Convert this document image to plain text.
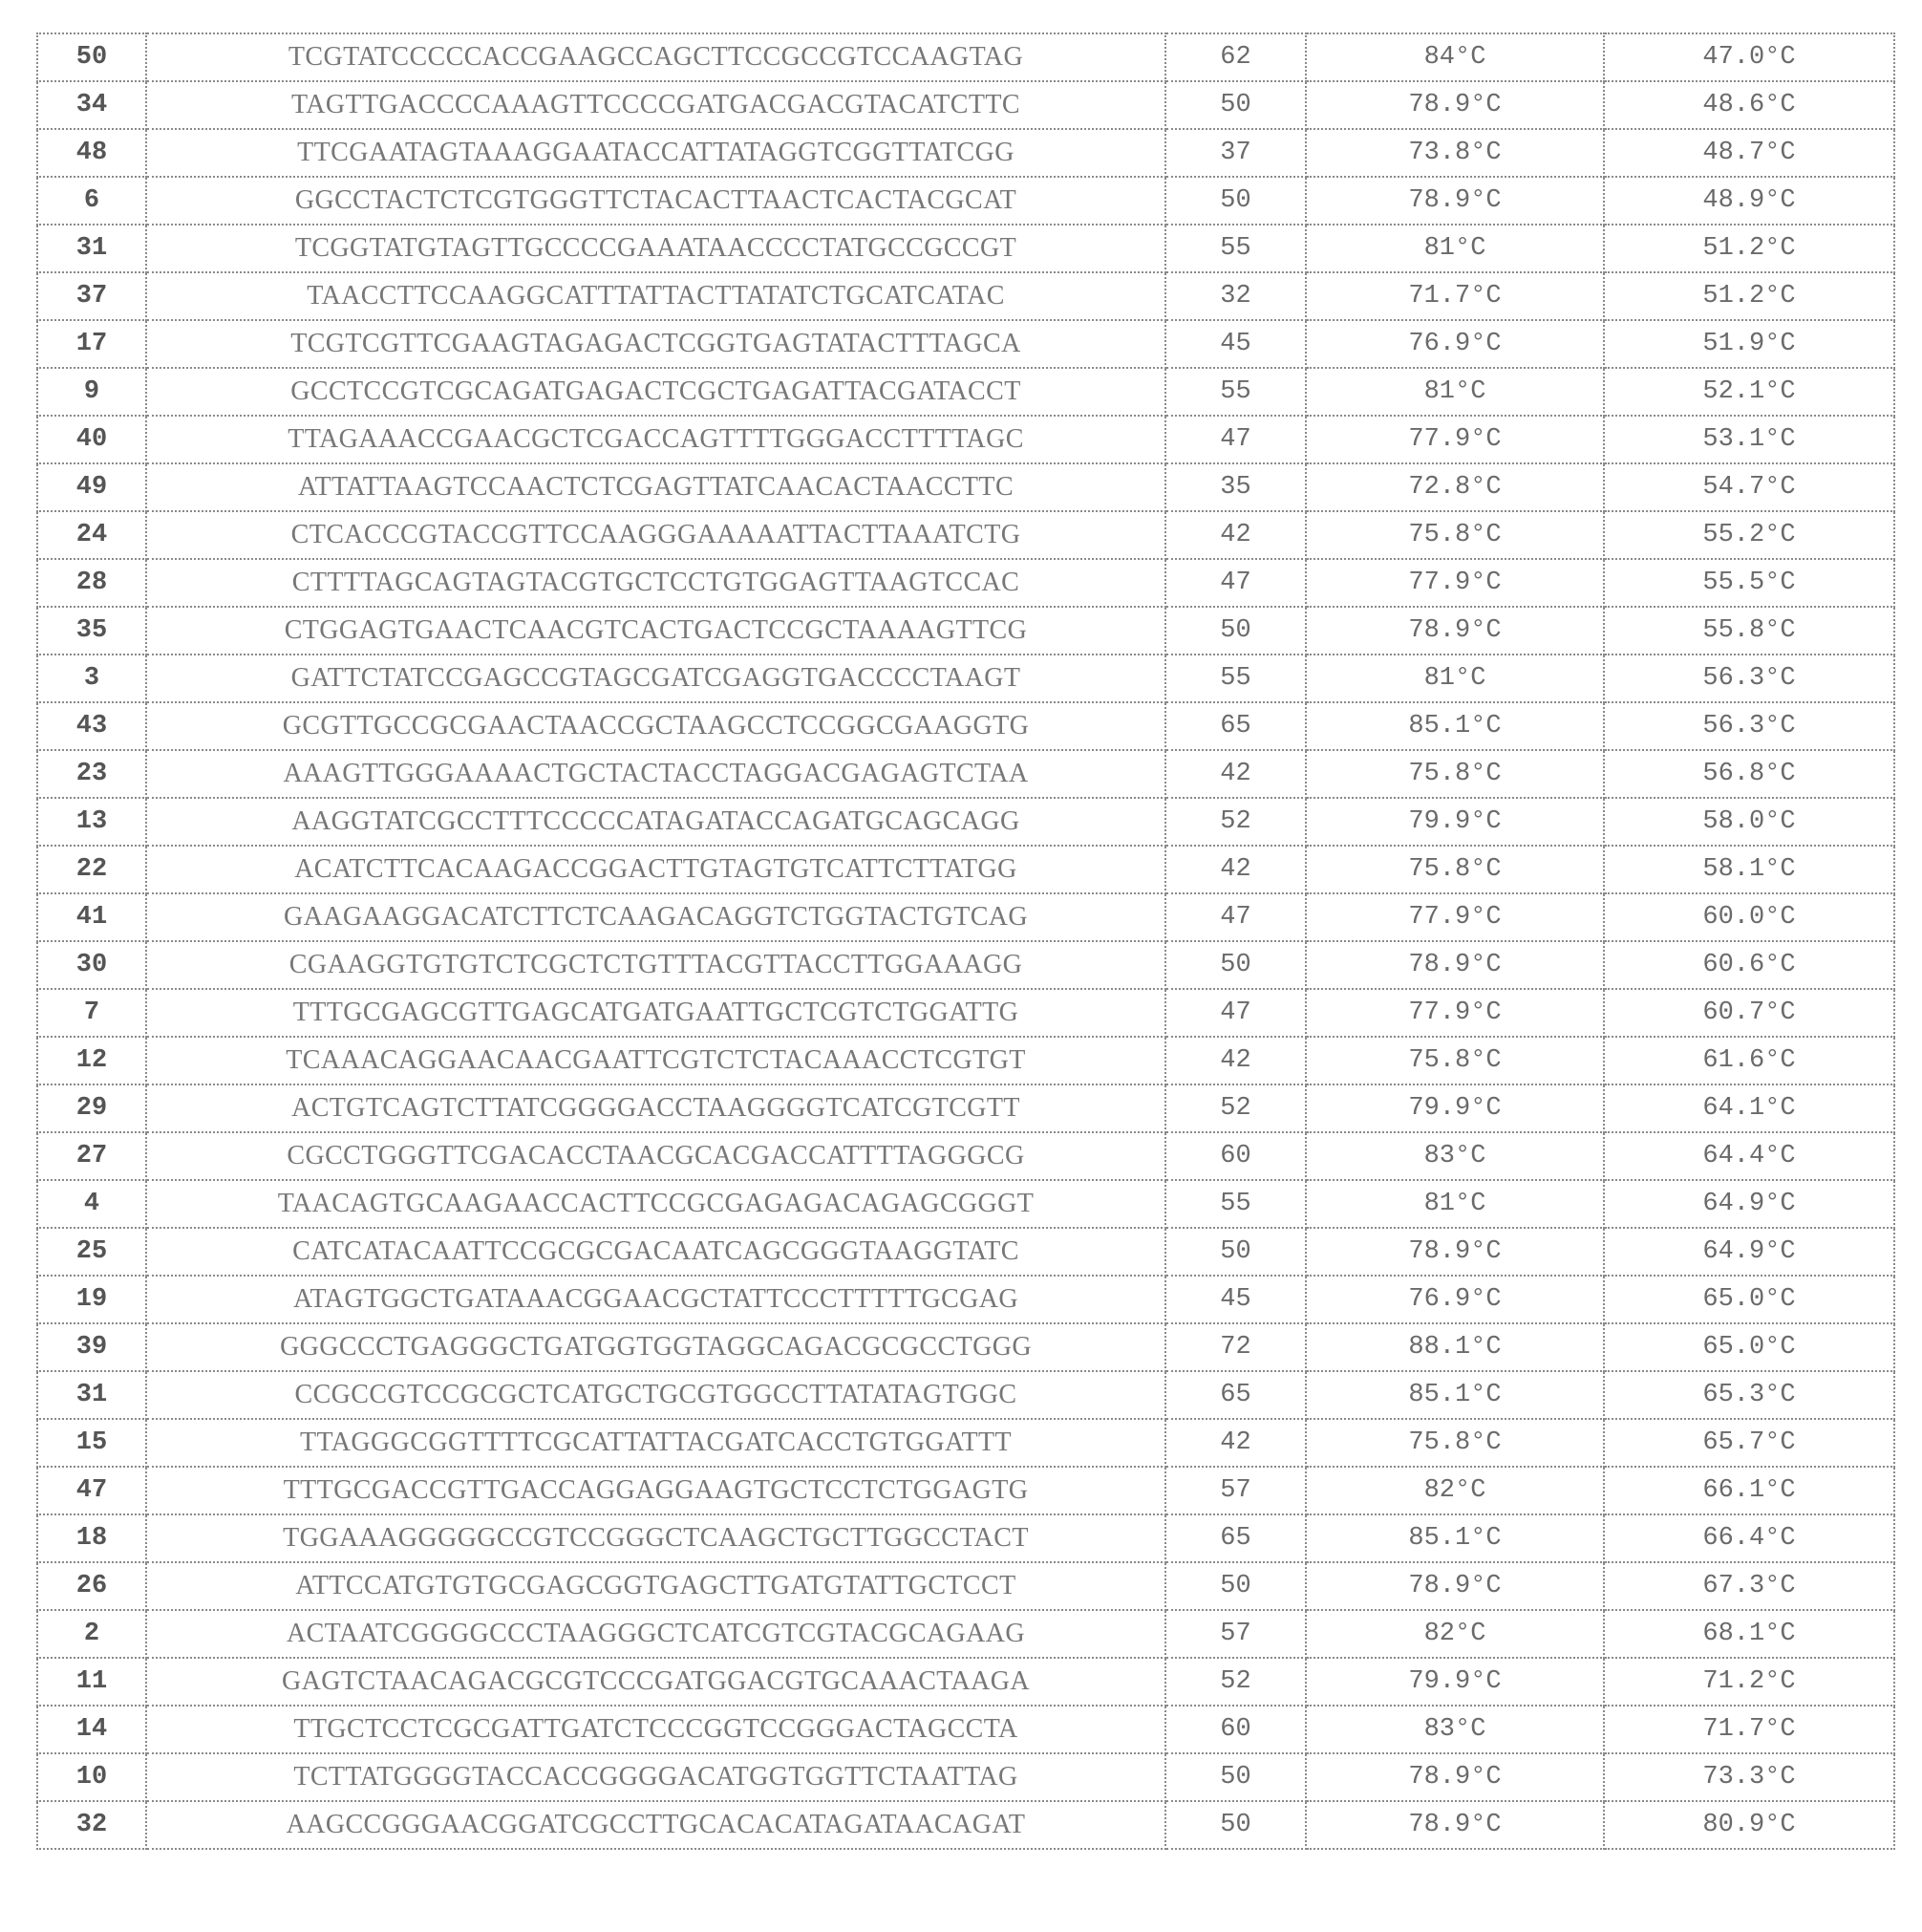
50	TCGTATCCCCCACCGAAGCCAGCTTCCGCCGTCCAAGTAG	62	84°C	47.0°C
34	TAGTTGACCCCAAAGTTCCCCGATGACGACGTACATCTTC	50	78.9°C	48.6°C
48	TTCGAATAGTAAAGGAATACCATTATAGGTCGGTTATCGG	37	73.8°C	48.7°C
6	GGCCTACTCTCGTGGGTTCTACACTTAACTCACTACGCAT	50	78.9°C	48.9°C
31	TCGGTATGTAGTTGCCCCGAAATAACCCCTATGCCGCCGT	55	81°C	51.2°C
37	TAACCTTCCAAGGCATTTATTACTTATATCTGCATCATAC	32	71.7°C	51.2°C
17	TCGTCGTTCGAAGTAGAGACTCGGTGAGTATACTTTAGCA	45	76.9°C	51.9°C
9	GCCTCCGTCGCAGATGAGACTCGCTGAGATTACGATACCT	55	81°C	52.1°C
40	TTAGAAACCGAACGCTCGACCAGTTTTGGGACCTTTTAGC	47	77.9°C	53.1°C
49	ATTATTAAGTCCAACTCTCGAGTTATCAACACTAACCTTC	35	72.8°C	54.7°C
24	CTCACCCGTACCGTTCCAAGGGAAAAATTACTTAAATCTG	42	75.8°C	55.2°C
28	CTTTTAGCAGTAGTACGTGCTCCTGTGGAGTTAAGTCCAC	47	77.9°C	55.5°C
35	CTGGAGTGAACTCAACGTCACTGACTCCGCTAAAAGTTCG	50	78.9°C	55.8°C
3	GATTCTATCCGAGCCGTAGCGATCGAGGTGACCCCTAAGT	55	81°C	56.3°C
43	GCGTTGCCGCGAACTAACCGCTAAGCCTCCGGCGAAGGTG	65	85.1°C	56.3°C
23	AAAGTTGGGAAAACTGCTACTACCTAGGACGAGAGTCTAA	42	75.8°C	56.8°C
13	AAGGTATCGCCTTTCCCCCATAGATACCAGATGCAGCAGG	52	79.9°C	58.0°C
22	ACATCTTCACAAGACCGGACTTGTAGTGTCATTCTTATGG	42	75.8°C	58.1°C
41	GAAGAAGGACATCTTCTCAAGACAGGTCTGGTACTGTCAG	47	77.9°C	60.0°C
30	CGAAGGTGTGTCTCGCTCTGTTTACGTTACCTTGGAAAGG	50	78.9°C	60.6°C
7	TTTGCGAGCGTTGAGCATGATGAATTGCTCGTCTGGATTG	47	77.9°C	60.7°C
12	TCAAACAGGAACAACGAATTCGTCTCTACAAACCTCGTGT	42	75.8°C	61.6°C
29	ACTGTCAGTCTTATCGGGGACCTAAGGGGTCATCGTCGTT	52	79.9°C	64.1°C
27	CGCCTGGGTTCGACACCTAACGCACGACCATTTTAGGGCG	60	83°C	64.4°C
4	TAACAGTGCAAGAACCACTTCCGCGAGAGACAGAGCGGGT	55	81°C	64.9°C
25	CATCATACAATTCCGCGCGACAATCAGCGGGTAAGGTATC	50	78.9°C	64.9°C
19	ATAGTGGCTGATAAACGGAACGCTATTCCCTTTTTGCGAG	45	76.9°C	65.0°C
39	GGGCCCTGAGGGCTGATGGTGGTAGGCAGACGCGCCTGGG	72	88.1°C	65.0°C
31	CCGCCGTCCGCGCTCATGCTGCGTGGCCTTATATAGTGGC	65	85.1°C	65.3°C
15	TTAGGGCGGTTTTCGCATTATTACGATCACCTGTGGATTT	42	75.8°C	65.7°C
47	TTTGCGACCGTTGACCAGGAGGAAGTGCTCCTCTGGAGTG	57	82°C	66.1°C
18	TGGAAAGGGGGCCGTCCGGGCTCAAGCTGCTTGGCCTACT	65	85.1°C	66.4°C
26	ATTCCATGTGTGCGAGCGGTGAGCTTGATGTATTGCTCCT	50	78.9°C	67.3°C
2	ACTAATCGGGGCCCTAAGGGCTCATCGTCGTACGCAGAAG	57	82°C	68.1°C
11	GAGTCTAACAGACGCGTCCCGATGGACGTGCAAACTAAGA	52	79.9°C	71.2°C
14	TTGCTCCTCGCGATTGATCTCCCGGTCCGGGACTAGCCTA	60	83°C	71.7°C
10	TCTTATGGGGTACCACCGGGGACATGGTGGTTCTAATTAG	50	78.9°C	73.3°C
32	AAGCCGGGAACGGATCGCCTTGCACACATAGATAACAGAT	50	78.9°C	80.9°C
